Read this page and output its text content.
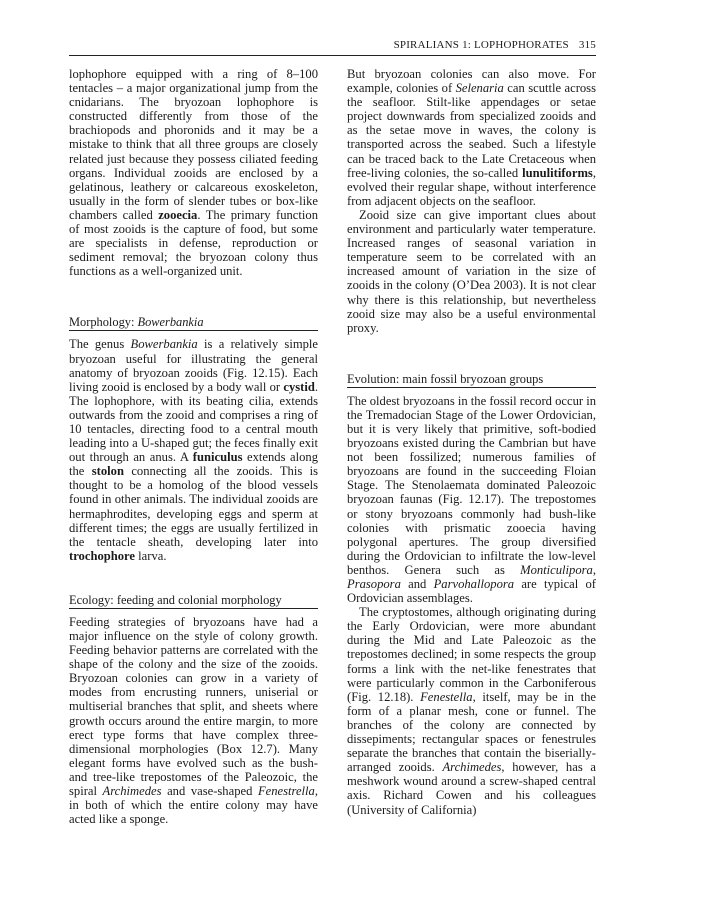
SPIRALIANS 1: LOPHOPHORATES 315

lophophore equipped with a ring of 8–100 tentacles – a major organizational jump from the cnidarians. The bryozoan lophophore is constructed differently from those of the brachiopods and phoronids and it may be a mistake to think that all three groups are closely related just because they possess ciliated feeding organs. Individual zooids are enclosed by a gelatinous, leathery or calcareous exoskeleton, usually in the form of slender tubes or box-like chambers called zooecia. The primary function of most zooids is the capture of food, but some are specialists in defense, reproduction or sediment removal; the bryozoan colony thus functions as a well-organized unit.

Morphology: Bowerbankia

The genus Bowerbankia is a relatively simple bryozoan useful for illustrating the general anatomy of bryozoan zooids (Fig. 12.15). Each living zooid is enclosed by a body wall or cystid. The lophophore, with its beating cilia, extends outwards from the zooid and comprises a ring of 10 tentacles, directing food to a central mouth leading into a U-shaped gut; the feces finally exit out through an anus. A funiculus extends along the stolon connecting all the zooids. This is thought to be a homolog of the blood vessels found in other animals. The individual zooids are hermaphrodites, developing eggs and sperm at different times; the eggs are usually fertilized in the tentacle sheath, developing later into trochophore larva.

Ecology: feeding and colonial morphology

Feeding strategies of bryozoans have had a major influence on the style of colony growth. Feeding behavior patterns are correlated with the shape of the colony and the size of the zooids. Bryozoan colonies can grow in a variety of modes from encrusting runners, uniserial or multiserial branches that split, and sheets where growth occurs around the entire margin, to more erect type forms that have complex three-dimensional morphologies (Box 12.7). Many elegant forms have evolved such as the bush- and tree-like trepostomes of the Paleozoic, the spiral Archimedes and vase-shaped Fenestrella, in both of which the entire colony may have acted like a sponge.

But bryozoan colonies can also move. For example, colonies of Selenaria can scuttle across the seafloor. Stilt-like appendages or setae project downwards from specialized zooids and as the setae move in waves, the colony is transported across the seabed. Such a lifestyle can be traced back to the Late Cretaceous when free-living colonies, the so-called lunulitiforms, evolved their regular shape, without interference from adjacent objects on the seafloor.

Zooid size can give important clues about environment and particularly water temperature. Increased ranges of seasonal variation in temperature seem to be correlated with an increased amount of variation in the size of zooids in the colony (O’Dea 2003). It is not clear why there is this relationship, but nevertheless zooid size may also be a useful environmental proxy.

Evolution: main fossil bryozoan groups

The oldest bryozoans in the fossil record occur in the Tremadocian Stage of the Lower Ordovician, but it is very likely that primitive, soft-bodied bryozoans existed during the Cambrian but have not been fossilized; numerous families of bryozoans are found in the succeeding Floian Stage. The Stenolaemata dominated Paleozoic bryozoan faunas (Fig. 12.17). The trepostomes or stony bryozoans commonly had bush-like colonies with prismatic zooecia having polygonal apertures. The group diversified during the Ordovician to infiltrate the low-level benthos. Genera such as Monticulipora, Prasopora and Parvohallopora are typical of Ordovician assemblages.

The cryptostomes, although originating during the Early Ordovician, were more abundant during the Mid and Late Paleozoic as the trepostomes declined; in some respects the group forms a link with the net-like fenestrates that were particularly common in the Carboniferous (Fig. 12.18). Fenestella, itself, may be in the form of a planar mesh, cone or funnel. The branches of the colony are connected by dissepiments; rectangular spaces or fenestrules separate the branches that contain the biserially-arranged zooids. Archimedes, however, has a meshwork wound around a screw-shaped central axis. Richard Cowen and his colleagues (University of California)
